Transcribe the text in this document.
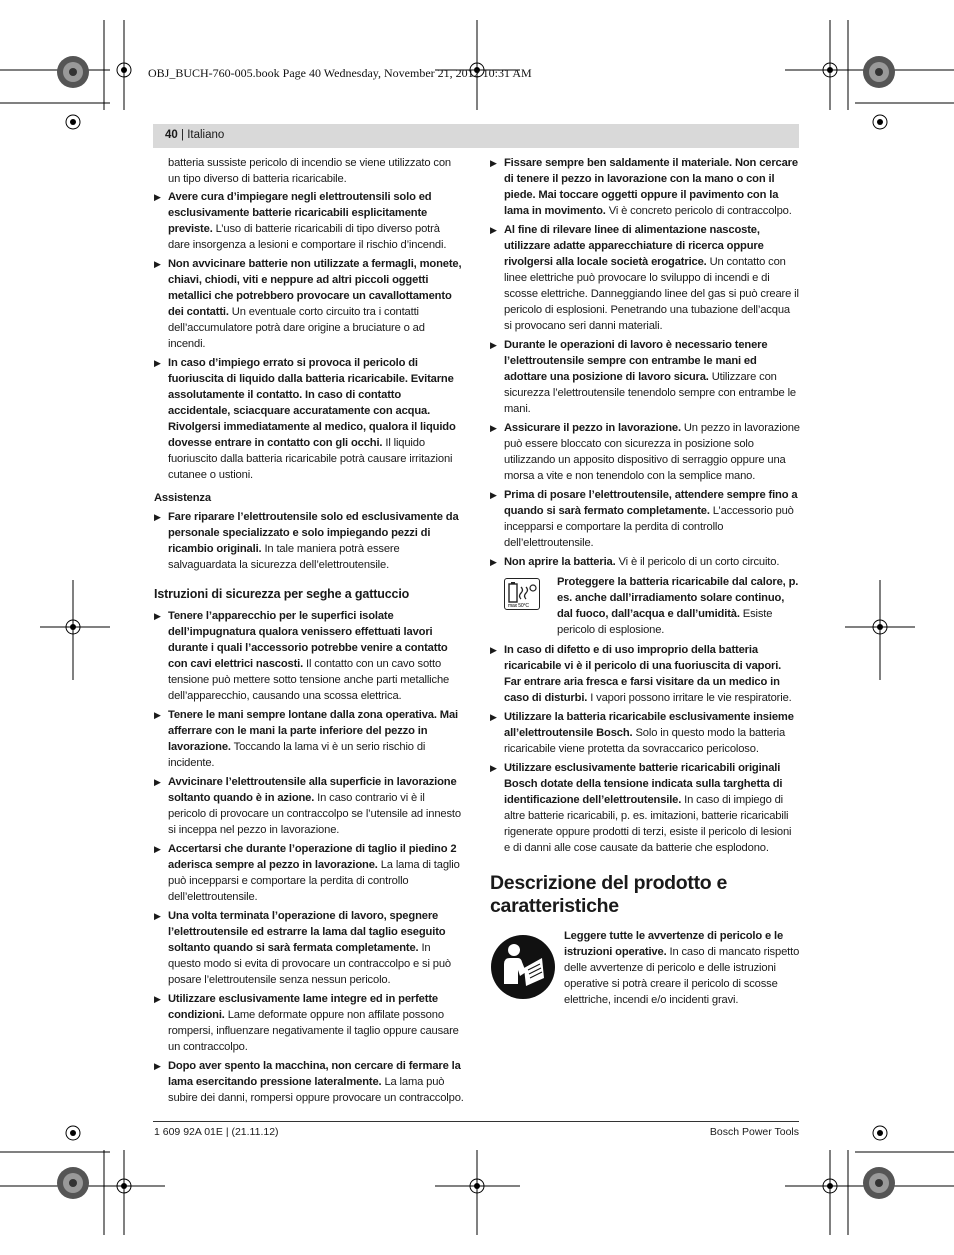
OBJ_BUCH-760-005.book Page 40 Wednesday, November 21, 2012 10:31 AM
40 | Italiano
batteria sussiste pericolo di incendio se viene utilizzato con un tipo diverso di batteria ricaricabile.
▶ Avere cura d’impiegare negli elettroutensili solo ed esclusivamente batterie ricaricabili esplicitamente previste. L’uso di batterie ricaricabili di tipo diverso potrà dare insorgenza a lesioni e comportare il rischio d’incendi.
▶ Non avvicinare batterie non utilizzate a fermagli, monete, chiavi, chiodi, viti e neppure ad altri piccoli oggetti metallici che potrebbero provocare un cavallottamento dei contatti. Un eventuale corto circuito tra i contatti dell’accumulatore potrà dare origine a bruciature o ad incendi.
▶ In caso d’impiego errato si provoca il pericolo di fuoriuscita di liquido dalla batteria ricaricabile. Evitarne assolutamente il contatto. In caso di contatto accidentale, sciacquare accuratamente con acqua. Rivolgersi immediatamente al medico, qualora il liquido dovesse entrare in contatto con gli occhi. Il liquido fuoriuscito dalla batteria ricaricabile potrà causare irritazioni cutanee o ustioni.
Assistenza
▶ Fare riparare l’elettroutensile solo ed esclusivamente da personale specializzato e solo impiegando pezzi di ricambio originali. In tale maniera potrà essere salvaguardata la sicurezza dell’elettroutensile.
Istruzioni di sicurezza per seghe a gattuccio
▶ Tenere l’apparecchio per le superfici isolate dell’impugnatura qualora venissero effettuati lavori durante i quali l’accessorio potrebbe venire a contatto con cavi elettrici nascosti. Il contatto con un cavo sotto tensione può mettere sotto tensione anche parti metalliche dell’apparecchio, causando una scossa elettrica.
▶ Tenere le mani sempre lontane dalla zona operativa. Mai afferrare con le mani la parte inferiore del pezzo in lavorazione. Toccando la lama vi è un serio rischio di incidente.
▶ Avvicinare l’elettroutensile alla superficie in lavorazione soltanto quando è in azione. In caso contrario vi è il pericolo di provocare un contraccolpo se l’utensile ad innesto si inceppa nel pezzo in lavorazione.
▶ Accertarsi che durante l’operazione di taglio il piedino 2 aderisca sempre al pezzo in lavorazione. La lama di taglio può incepparsi e comportare la perdita di controllo dell’elettroutensile.
▶ Una volta terminata l’operazione di lavoro, spegnere l’elettroutensile ed estrarre la lama dal taglio eseguito soltanto quando si sarà fermata completamente. In questo modo si evita di provocare un contraccolpo e si può posare l’elettroutensile senza nessun pericolo.
▶ Utilizzare esclusivamente lame integre ed in perfette condizioni. Lame deformate oppure non affilate possono rompersi, influenzare negativamente il taglio oppure causare un contraccolpo.
▶ Dopo aver spento la macchina, non cercare di fermare la lama esercitando pressione lateralmente. La lama può subire dei danni, rompersi oppure provocare un contraccolpo.
▶ Fissare sempre ben saldamente il materiale. Non cercare di tenere il pezzo in lavorazione con la mano o con il piede. Mai toccare oggetti oppure il pavimento con la lama in movimento. Vi è concreto pericolo di contraccolpo.
▶ Al fine di rilevare linee di alimentazione nascoste, utilizzare adatte apparecchiature di ricerca oppure rivolgersi alla locale società erogatrice. Un contatto con linee elettriche può provocare lo sviluppo di incendi e di scosse elettriche. Danneggiando linee del gas si può creare il pericolo di esplosioni. Penetrando una tubazione dell’acqua si provocano seri danni materiali.
▶ Durante le operazioni di lavoro è necessario tenere l’elettroutensile sempre con entrambe le mani ed adottare una posizione di lavoro sicura. Utilizzare con sicurezza l’elettroutensile tenendolo sempre con entrambe le mani.
▶ Assicurare il pezzo in lavorazione. Un pezzo in lavorazione può essere bloccato con sicurezza in posizione solo utilizzando un apposito dispositivo di serraggio oppure una morsa a vite e non tenendolo con la semplice mano.
▶ Prima di posare l’elettroutensile, attendere sempre fino a quando si sarà fermato completamente. L’accessorio può incepparsi e comportare la perdita di controllo dell’elettroutensile.
▶ Non aprire la batteria. Vi è il pericolo di un corto circuito.
max 50°C
Proteggere la batteria ricaricabile dal calore, p. es. anche dall’irradiamento solare continuo, dal fuoco, dall’acqua e dall’umidità. Esiste pericolo di esplosione.
▶ In caso di difetto e di uso improprio della batteria ricaricabile vi è il pericolo di una fuoriuscita di vapori. Far entrare aria fresca e farsi visitare da un medico in caso di disturbi. I vapori possono irritare le vie respiratorie.
▶ Utilizzare la batteria ricaricabile esclusivamente insieme all’elettroutensile Bosch. Solo in questo modo la batteria ricaricabile viene protetta da sovraccarico pericoloso.
▶ Utilizzare esclusivamente batterie ricaricabili originali Bosch dotate della tensione indicata sulla targhetta di identificazione dell’elettroutensile. In caso di impiego di altre batterie ricaricabili, p. es. imitazioni, batterie ricaricabili rigenerate oppure prodotti di terzi, esiste il pericolo di lesioni e di danni alle cose causate da batterie che esplodono.
Descrizione del prodotto e caratteristiche
Leggere tutte le avvertenze di pericolo e le istruzioni operative. In caso di mancato rispetto delle avvertenze di pericolo e delle istruzioni operative si potrà creare il pericolo di scosse elettriche, incendi e/o incidenti gravi.
1 609 92A 01E | (21.11.12)	Bosch Power Tools
